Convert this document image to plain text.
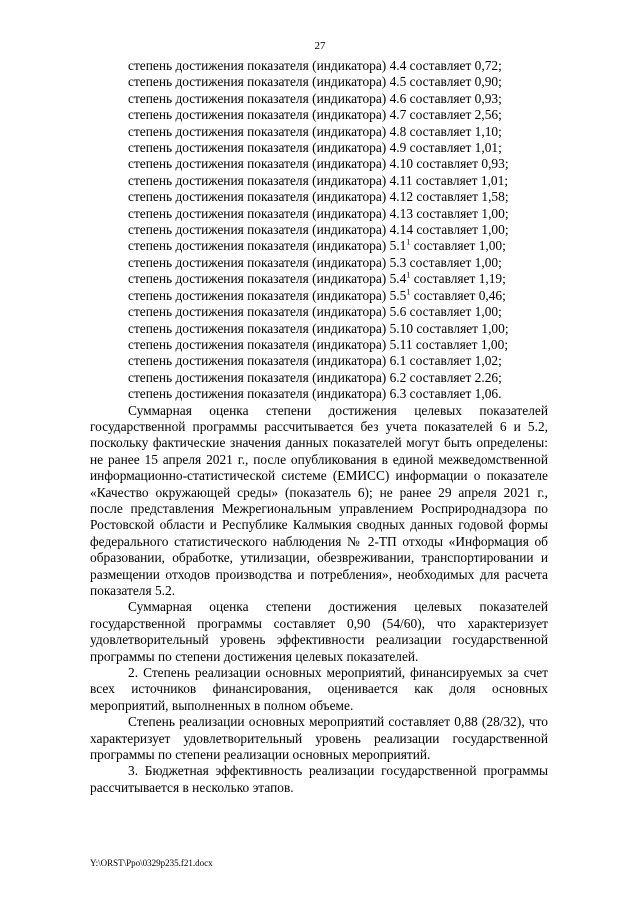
27
степень достижения показателя (индикатора) 4.4 составляет 0,72;
степень достижения показателя (индикатора) 4.5 составляет 0,90;
степень достижения показателя (индикатора) 4.6 составляет 0,93;
степень достижения показателя (индикатора) 4.7 составляет 2,56;
степень достижения показателя (индикатора) 4.8 составляет 1,10;
степень достижения показателя (индикатора) 4.9 составляет 1,01;
степень достижения показателя (индикатора) 4.10 составляет 0,93;
степень достижения показателя (индикатора) 4.11 составляет 1,01;
степень достижения показателя (индикатора) 4.12 составляет 1,58;
степень достижения показателя (индикатора) 4.13 составляет 1,00;
степень достижения показателя (индикатора) 4.14 составляет 1,00;
степень достижения показателя (индикатора) $5.1^1$ составляет 1,00;
степень достижения показателя (индикатора) 5.3 составляет 1,00;
степень достижения показателя (индикатора) $5.4^1$ составляет 1,19;
степень достижения показателя (индикатора) $5.5^1$ составляет 0,46;
степень достижения показателя (индикатора) 5.6 составляет 1,00;
степень достижения показателя (индикатора) 5.10 составляет 1,00;
степень достижения показателя (индикатора) 5.11 составляет 1,00;
степень достижения показателя (индикатора) 6.1 составляет 1,02;
степень достижения показателя (индикатора) 6.2 составляет 2.26;
степень достижения показателя (индикатора) 6.3 составляет 1,06.

Суммарная оценка степени достижения целевых показателей государственной программы рассчитывается без учета показателей 6 и 5.2, поскольку фактические значения данных показателей могут быть определены: не ранее 15 апреля 2021 г., после опубликования в единой межведомственной информационно-статистической системе (ЕМИСС) информации о показателе «Качество окружающей среды» (показатель 6); не ранее 29 апреля 2021 г., после представления Межрегиональным управлением Росприроднадзора по Ростовской области и Республике Калмыкия сводных данных годовой формы федерального статистического наблюдения № 2-ТП отходы «Информация об образовании, обработке, утилизации, обезвреживании, транспортировании и размещении отходов производства и потребления», необходимых для расчета показателя 5.2.

Суммарная оценка степени достижения целевых показателей государственной программы составляет 0,90 (54/60), что характеризует удовлетворительный уровень эффективности реализации государственной программы по степени достижения целевых показателей.

2. Степень реализации основных мероприятий, финансируемых за счет всех источников финансирования, оценивается как доля основных мероприятий, выполненных в полном объеме.

Степень реализации основных мероприятий составляет 0,88 (28/32), что характеризует удовлетворительный уровень реализации государственной программы по степени реализации основных мероприятий.

3. Бюджетная эффективность реализации государственной программы рассчитывается в несколько этапов.

Y:\ORST\Ppo\0329p235.f21.docx
